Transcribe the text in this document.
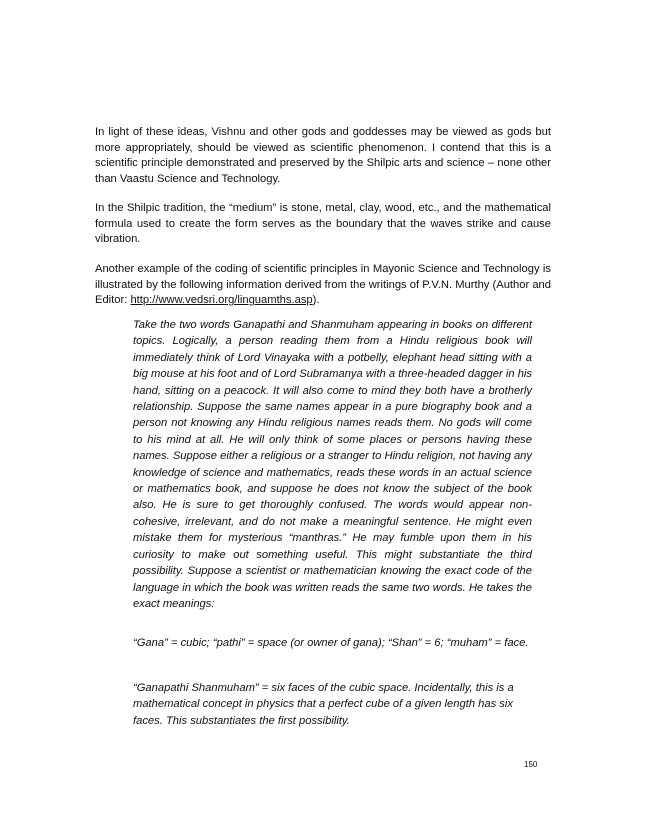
In light of these ideas, Vishnu and other gods and goddesses may be viewed as gods but more appropriately, should be viewed as scientific phenomenon. I contend that this is a scientific principle demonstrated and preserved by the Shilpic arts and science – none other than Vaastu Science and Technology.

In the Shilpic tradition, the “medium” is stone, metal, clay, wood, etc., and the mathematical formula used to create the form serves as the boundary that the waves strike and cause vibration.

Another example of the coding of scientific principles in Mayonic Science and Technology is illustrated by the following information derived from the writings of P.V.N. Murthy (Author and Editor: http://www.vedsri.org/linguamths.asp).

Take the two words Ganapathi and Shanmuham appearing in books on different topics. Logically, a person reading them from a Hindu religious book will immediately think of Lord Vinayaka with a potbelly, elephant head sitting with a big mouse at his foot and of Lord Subramanya with a three-headed dagger in his hand, sitting on a peacock. It will also come to mind they both have a brotherly relationship. Suppose the same names appear in a pure biography book and a person not knowing any Hindu religious names reads them. No gods will come to his mind at all. He will only think of some places or persons having these names. Suppose either a religious or a stranger to Hindu religion, not having any knowledge of science and mathematics, reads these words in an actual science or mathematics book, and suppose he does not know the subject of the book also. He is sure to get thoroughly confused. The words would appear non-cohesive, irrelevant, and do not make a meaningful sentence. He might even mistake them for mysterious “manthras.” He may fumble upon them in his curiosity to make out something useful. This might substantiate the third possibility. Suppose a scientist or mathematician knowing the exact code of the language in which the book was written reads the same two words. He takes the exact meanings:

“Gana” = cubic; “pathi” = space (or owner of gana); “Shan” = 6; “muham” = face.

“Ganapathi Shanmuham” = six faces of the cubic space. Incidentally, this is a mathematical concept in physics that a perfect cube of a given length has six faces. This substantiates the first possibility.

150
